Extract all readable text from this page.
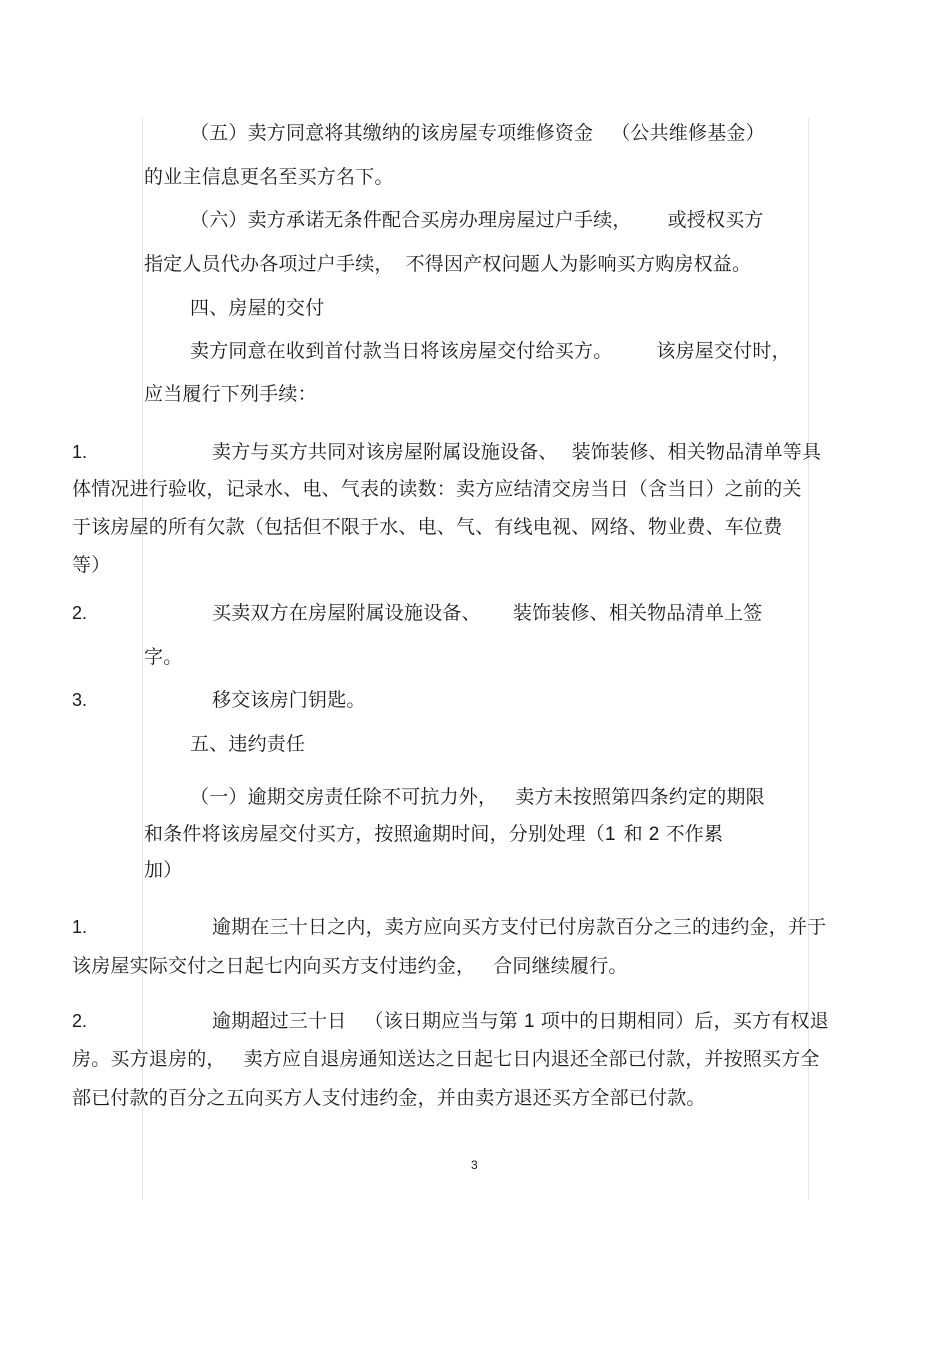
（五）卖方同意将其缴纳的该房屋专项维修资金 （公共维修基金）
的业主信息更名至买方名下。
（六）卖方承诺无条件配合买房办理房屋过户手续， 或授权买方
指定人员代办各项过户手续， 不得因产权问题人为影响买方购房权益。
四、房屋的交付
卖方同意在收到首付款当日将该房屋交付给买方。 该房屋交付时，
应当履行下列手续：
1.	卖方与买方共同对该房屋附属设施设备、 装饰装修、相关物品清单等具
体情况进行验收，记录水、电、气表的读数：卖方应结清交房当日（含当日）之前的关
于该房屋的所有欠款（包括但不限于水、电、气、有线电视、网络、物业费、车位费
等）
2.	买卖双方在房屋附属设施设备、 装饰装修、相关物品清单上签
字。
3.	移交该房门钥匙。
五、违约责任
（一）逾期交房责任除不可抗力外， 卖方未按照第四条约定的期限
和条件将该房屋交付买方，按照逾期时间，分别处理（1 和 2 不作累
加）
1.	逾期在三十日之内，卖方应向买方支付已付房款百分之三的违约金，并于
该房屋实际交付之日起七内向买方支付违约金， 合同继续履行。
2.	逾期超过三十日 （该日期应当与第 1 项中的日期相同）后，买方有权退
房。买方退房的， 卖方应自退房通知送达之日起七日内退还全部已付款，并按照买方全
部已付款的百分之五向买方人支付违约金，并由卖方退还买方全部已付款。
3
